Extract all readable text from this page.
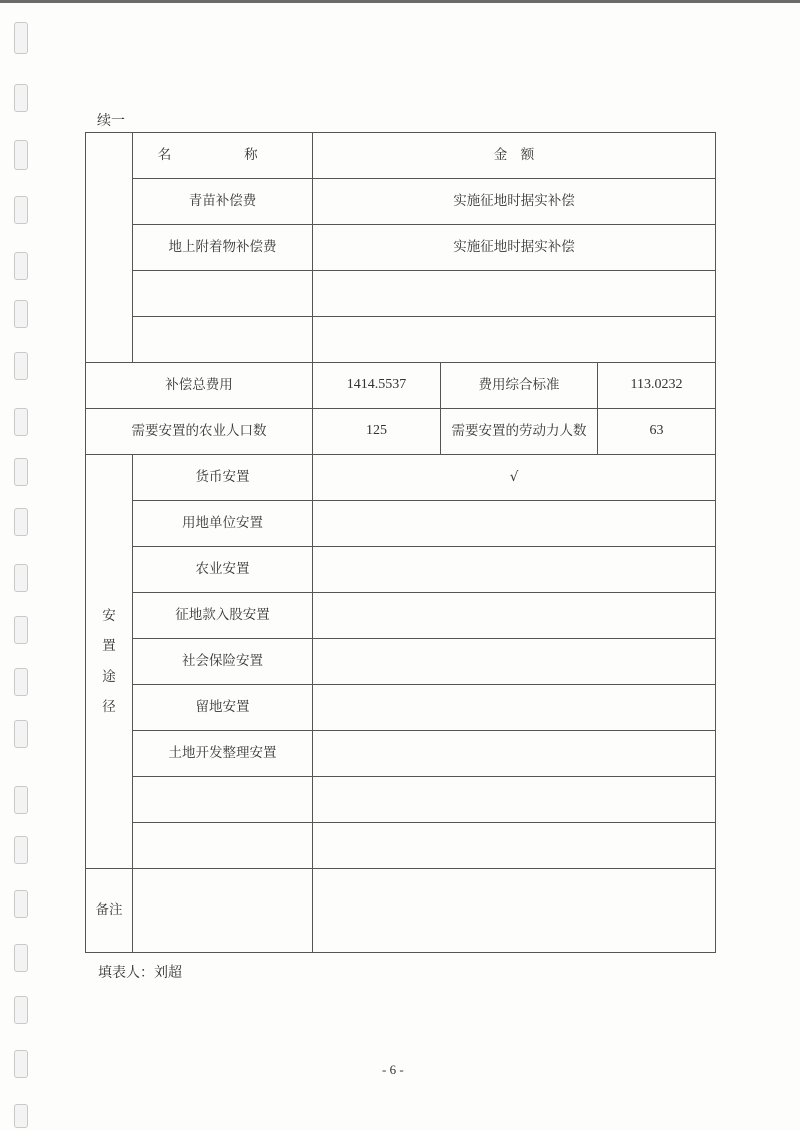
续一
	名　称	金　额		
	青苗补偿费	实施征地时据实补偿		
	地上附着物补偿费	实施征地时据实补偿		

补偿总费用		1414.5537	费用综合标准	113.0232
需要安置的农业人口数		125	需要安置的劳动力人数	63

安
置
途
径	货币安置	√		
	用地单位安置			
	农业安置			
	征地款入股安置			
	社会保险安置			
	留地安置			
	土地开发整理安置			

备注				
填表人：刘超
- 6 -
